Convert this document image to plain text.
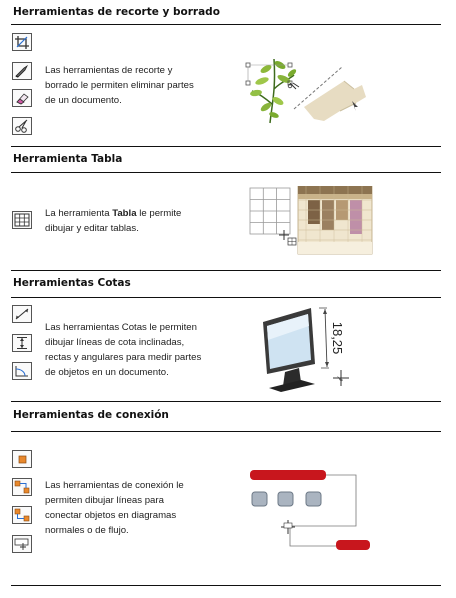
Herramientas de recorte y borrado
Las herramientas de recorte y
borrado le permiten eliminar partes
de un documento.
Herramienta Tabla
La herramienta Tabla le permite
dibujar y editar tablas.
Herramientas Cotas
Las herramientas Cotas le permiten
dibujar líneas de cota inclinadas,
rectas y angulares para medir partes
de objetos en un documento.
18,25
Herramientas de conexión
Las herramientas de conexión le
permiten dibujar líneas para
conectar objetos en diagramas
normales o de flujo.
